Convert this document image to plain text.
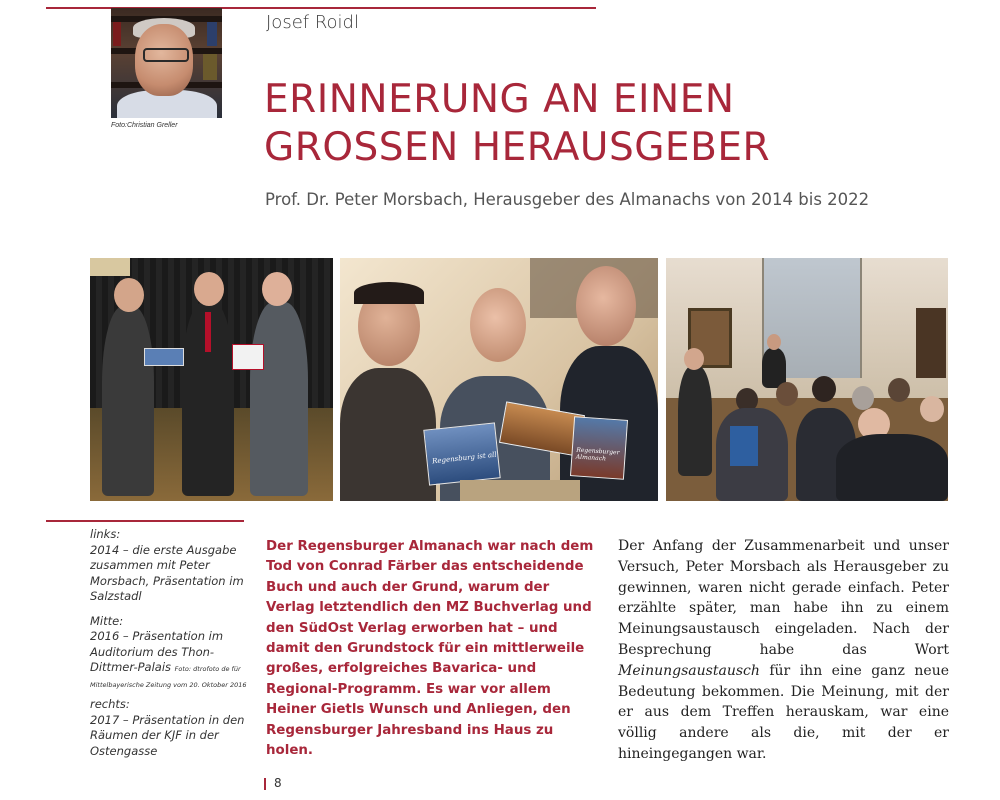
Foto:Christian Greller
Josef Roidl
ERINNERUNG AN EINEN
GROSSEN HERAUSGEBER
Prof. Dr. Peter Morsbach, Herausgeber des Almanachs von 2014 bis 2022
Regensburg ist all	Regensburger Almanach
links:
2014 – die erste Ausgabe zusammen mit Peter Morsbach, Präsentation im Salzstadl
Mitte:
2016 – Präsentation im Auditorium des Thon-Dittmer-Palais Foto: dtrofoto de für Mittelbayerische Zeitung vom 20. Oktober 2016
rechts:
2017 – Präsentation in den Räumen der KJF in der Ostengasse

Der Regensburger Almanach war nach dem Tod von Conrad Färber das entscheidende Buch und auch der Grund, warum der Verlag letztendlich den MZ Buchverlag und den SüdOst Verlag erworben hat – und damit den Grundstock für ein mittlerweile großes, erfolgreiches Bavarica- und Regional-Programm. Es war vor allem Heiner Gietls Wunsch und Anliegen, den Regensburger Jahresband ins Haus zu holen.

Der Anfang der Zusammenarbeit und unser Versuch, Peter Morsbach als Herausgeber zu gewinnen, waren nicht gerade einfach. Peter erzählte später, man habe ihn zu einem Meinungsaustausch eingeladen. Nach der Besprechung habe das Wort Meinungsaustausch für ihn eine ganz neue Bedeutung bekommen. Die Meinung, mit der er aus dem Treffen herauskam, war eine völlig andere als die, mit der er hineingegangen war.

8
